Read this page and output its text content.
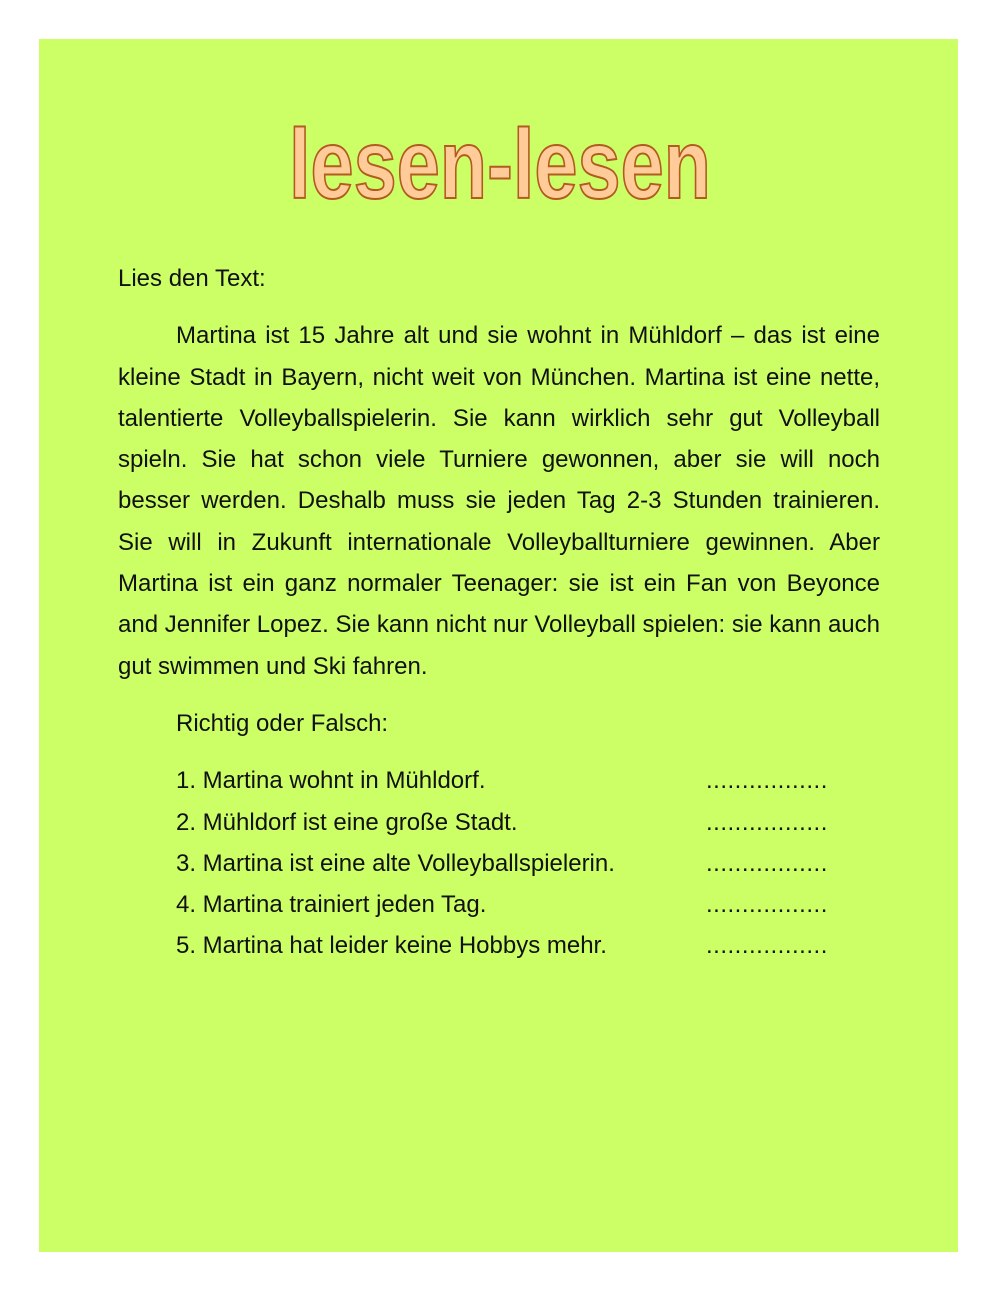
lesen-lesen

Lies den Text:

Martina ist 15 Jahre alt und sie wohnt in Mühldorf – das ist eine kleine Stadt in Bayern, nicht weit von München. Martina ist eine nette, talentierte Volleyballspielerin. Sie kann wirklich sehr gut Volleyball spieln. Sie hat schon viele Turniere gewonnen, aber sie will noch besser werden. Deshalb muss sie jeden Tag 2-3 Stunden trainieren. Sie will in Zukunft internationale Volleyballturniere gewinnen. Aber Martina ist ein ganz normaler Teenager: sie ist ein Fan von Beyonce and Jennifer Lopez. Sie kann nicht nur Volleyball spielen: sie kann auch gut swimmen und Ski fahren.

Richtig oder Falsch:

1. Martina wohnt in Mühldorf.	.................
2. Mühldorf ist eine große Stadt.	.................
3. Martina ist eine alte Volleyballspielerin.	.................
4. Martina trainiert jeden Tag.	.................
5. Martina hat leider keine Hobbys mehr.	.................
